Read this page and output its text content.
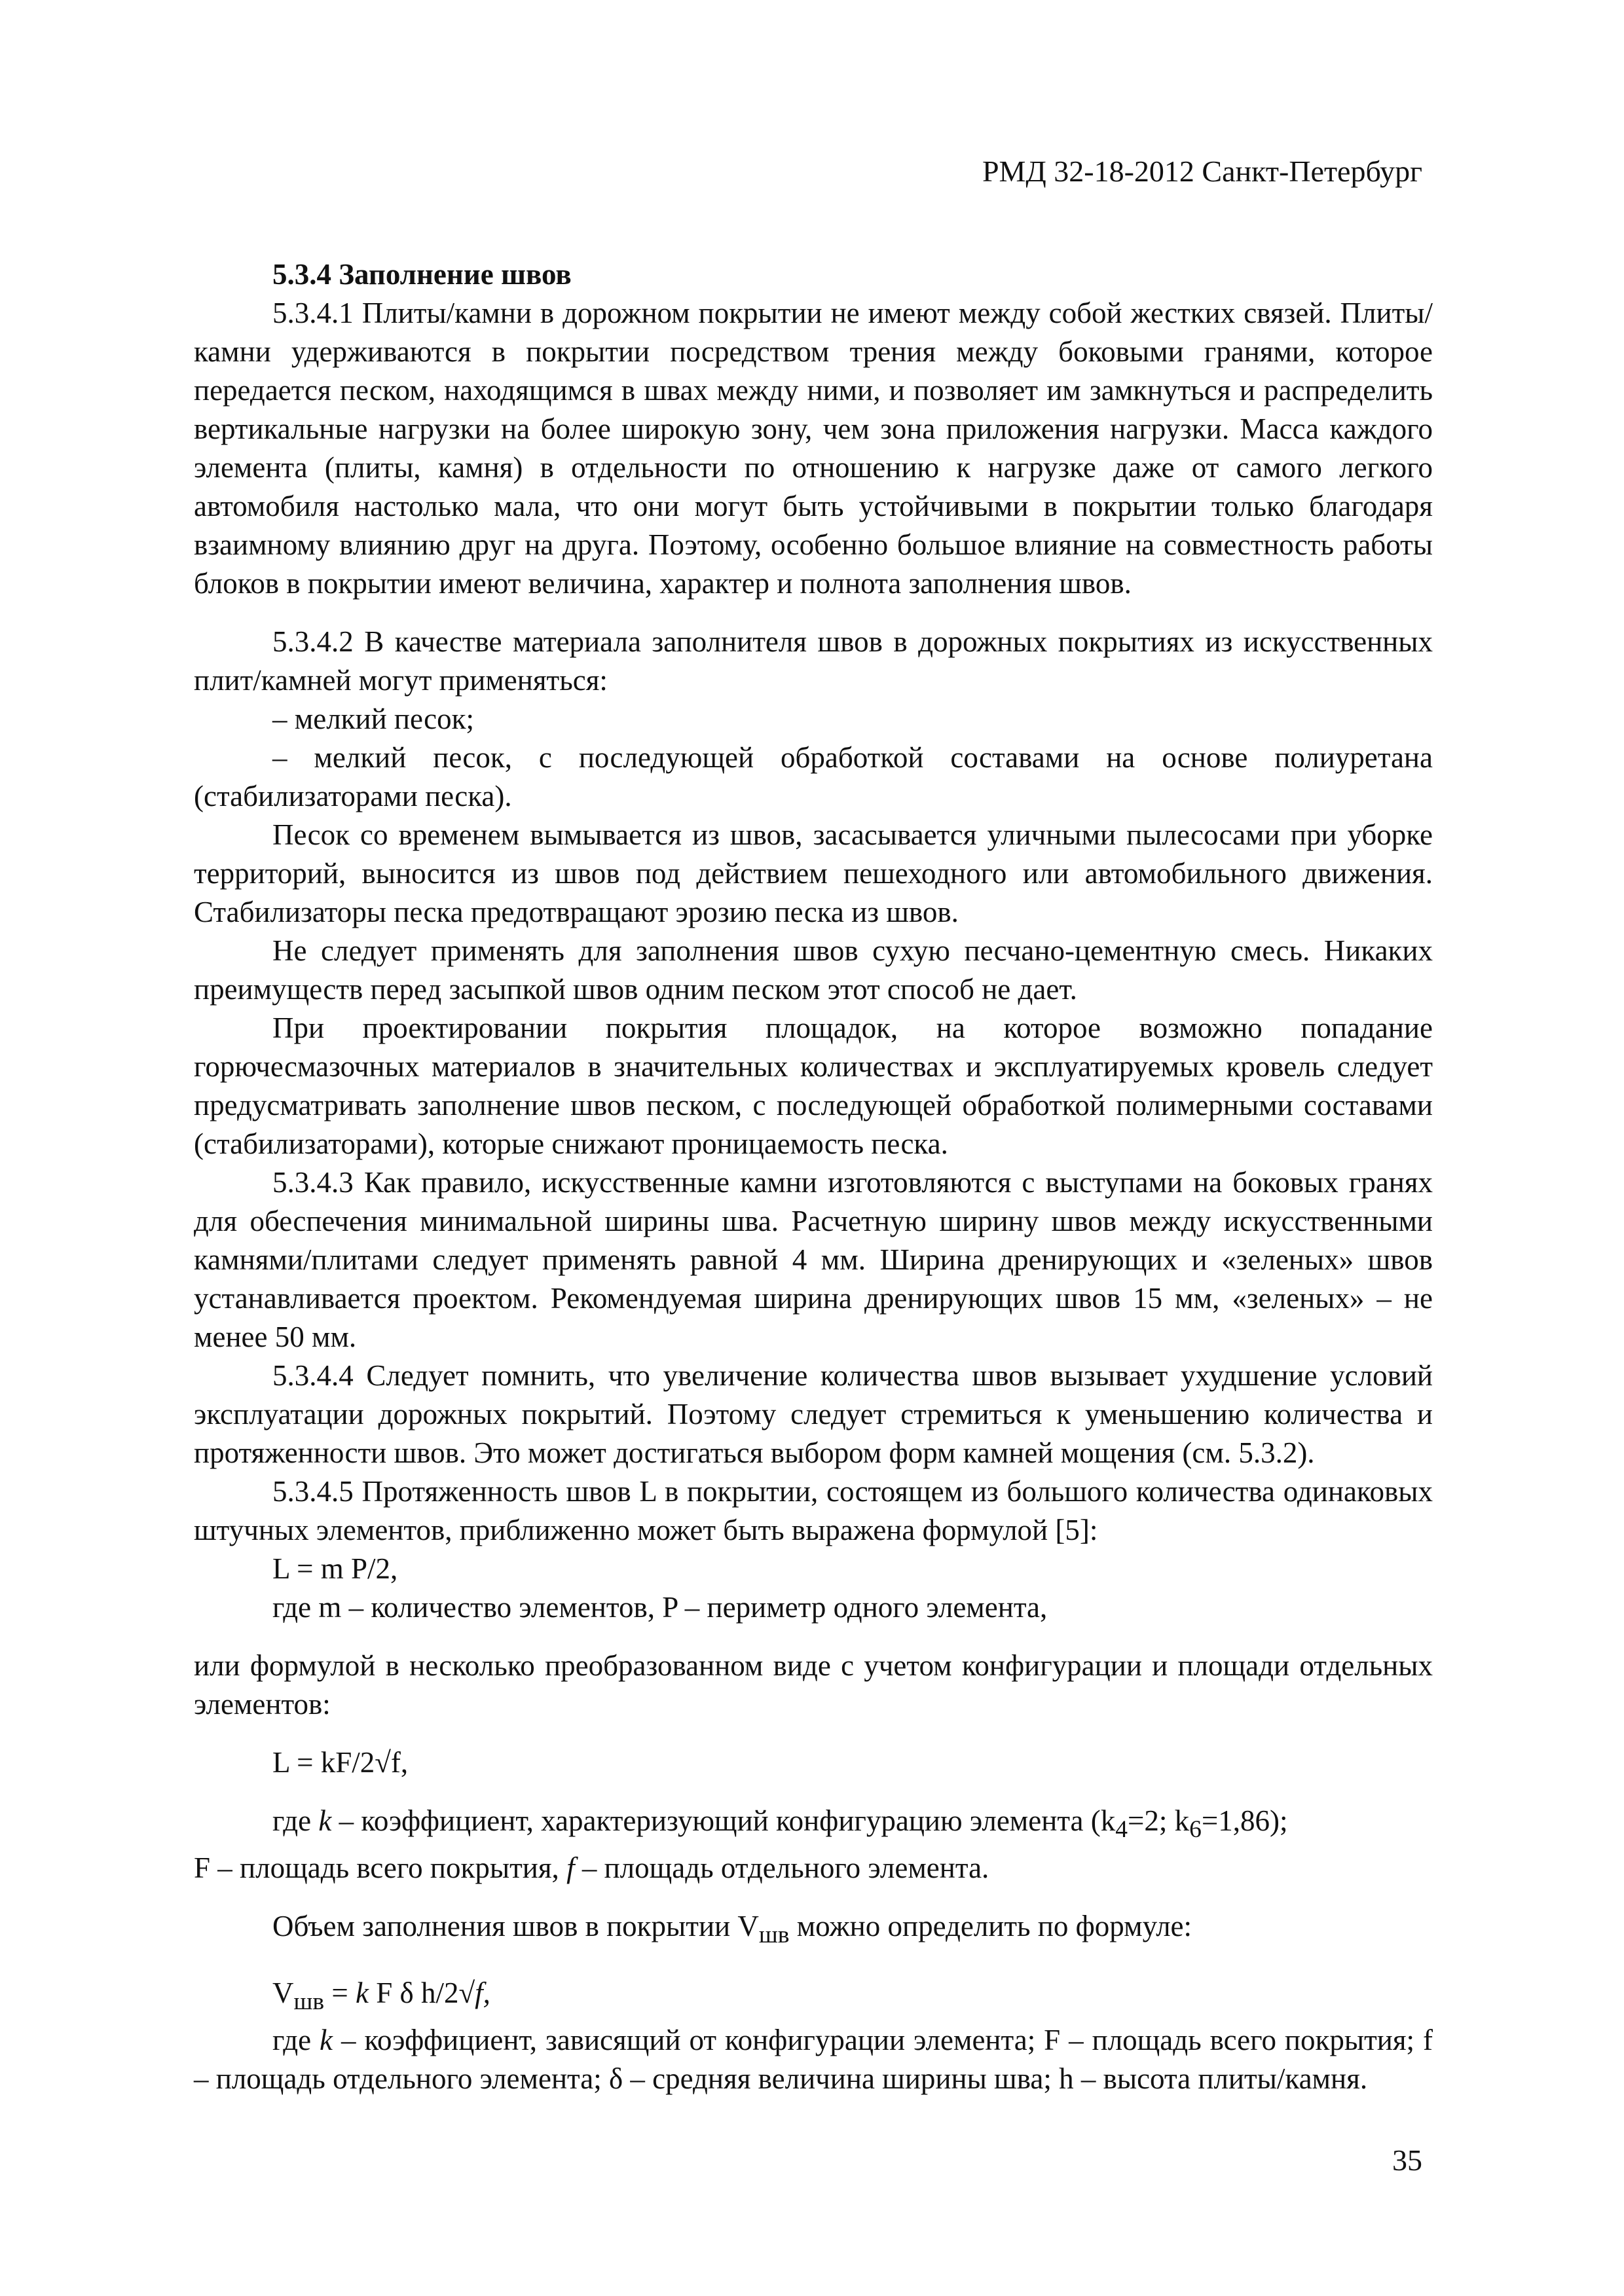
РМД 32-18-2012 Санкт-Петербург

5.3.4 Заполнение швов

5.3.4.1 Плиты/камни в дорожном покрытии не имеют между собой жестких связей. Плиты/камни удерживаются в покрытии посредством трения между боковыми гранями, которое передается песком, находящимся в швах между ними, и позволяет им замкнуться и распределить вертикальные нагрузки на более широкую зону, чем зона приложения нагрузки. Масса каждого элемента (плиты, камня) в отдельности по отношению к нагрузке даже от самого легкого автомобиля настолько мала, что они могут быть устойчивыми в покрытии только благодаря взаимному влиянию друг на друга. Поэтому, особенно большое влияние на совместность работы блоков в покрытии имеют величина, характер и полнота заполнения швов.

5.3.4.2 В качестве материала заполнителя швов в дорожных покрытиях из искусственных плит/камней могут применяться:

– мелкий песок;

– мелкий песок, с последующей обработкой составами на основе полиуретана (стабилизаторами песка).

Песок со временем вымывается из швов, засасывается уличными пылесосами при уборке территорий, выносится из швов под действием пешеходного или автомобильного движения. Стабилизаторы песка предотвращают эрозию песка из швов.

Не следует применять для заполнения швов сухую песчано-цементную смесь. Никаких преимуществ перед засыпкой швов одним песком этот способ не дает.

При проектировании покрытия площадок, на которое возможно попадание горючесмазочных материалов в значительных количествах и эксплуатируемых кровель следует предусматривать заполнение швов песком, с последующей обработкой полимерными составами (стабилизаторами), которые снижают проницаемость песка.

5.3.4.3 Как правило, искусственные камни изготовляются с выступами на боковых гранях для обеспечения минимальной ширины шва. Расчетную ширину швов между искусственными камнями/плитами следует применять равной 4 мм. Ширина дренирующих и «зеленых» швов устанавливается проектом. Рекомендуемая ширина дренирующих швов 15 мм, «зеленых» – не менее 50 мм.

5.3.4.4 Следует помнить, что увеличение количества швов вызывает ухудшение условий эксплуатации дорожных покрытий. Поэтому следует стремиться к уменьшению количества и протяженности швов. Это может достигаться выбором форм камней мощения (см. 5.3.2).

5.3.4.5 Протяженность швов L в покрытии, состоящем из большого количества одинаковых штучных элементов, приближенно может быть выражена формулой [5]:

L = m P/2,

где m – количество элементов, P – периметр одного элемента,

или формулой в несколько преобразованном виде с учетом конфигурации и площади отдельных элементов:

L = kF/2√f,

где k – коэффициент, характеризующий конфигурацию элемента ($k_4=2$; $k_6=1,86$);

F – площадь всего покрытия, f – площадь отдельного элемента.

Объем заполнения швов в покрытии $V_{шв}$ можно определить по формуле:

$V_{шв} = k$ F δ h/2√f,

где k – коэффициент, зависящий от конфигурации элемента; F – площадь всего покрытия; f – площадь отдельного элемента; δ – средняя величина ширины шва; h – высота плиты/камня.

35
